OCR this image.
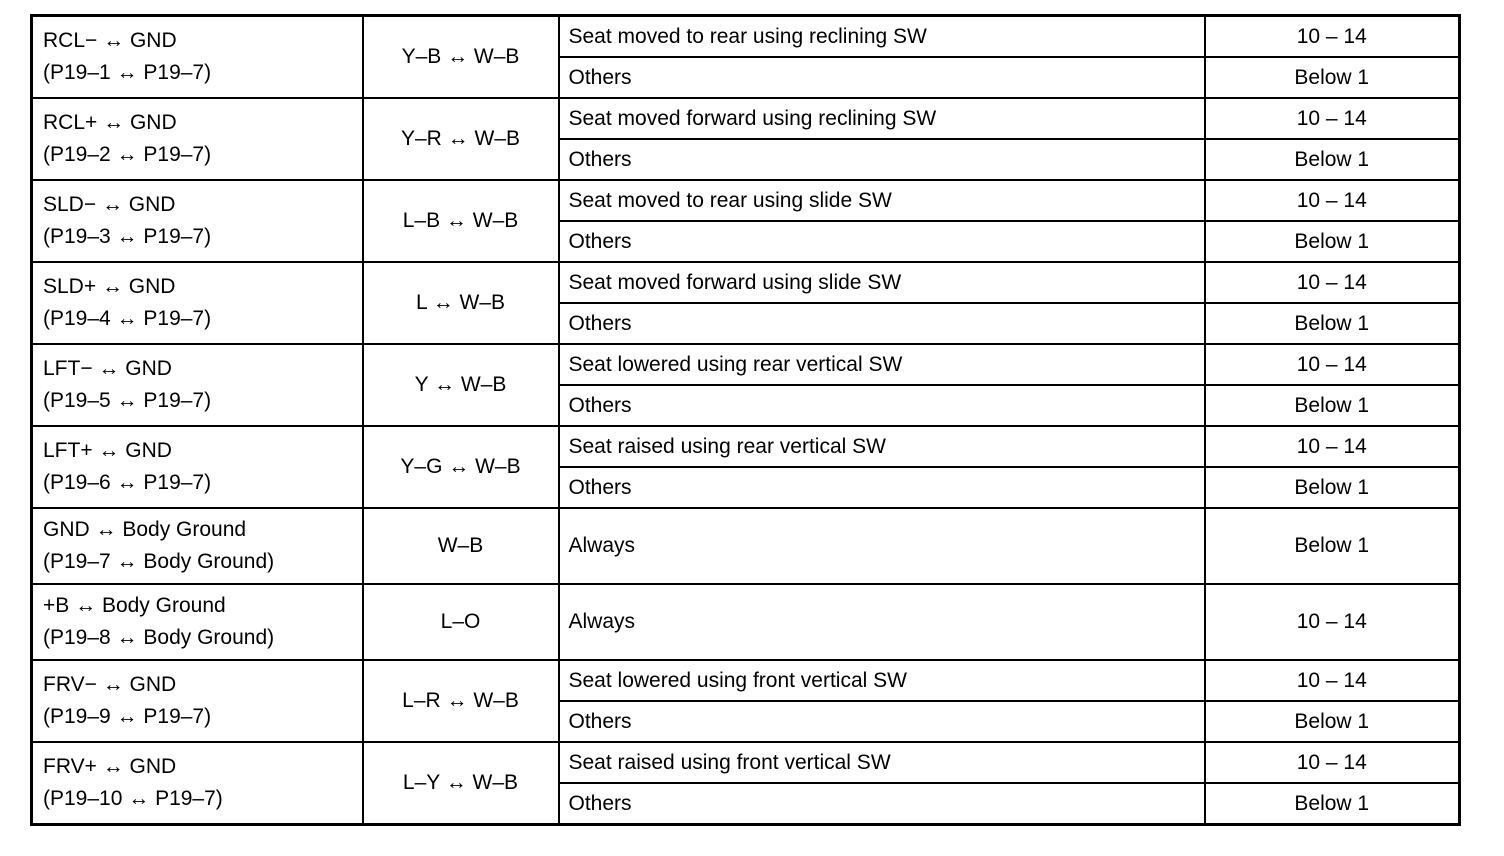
RCL− ↔ GND
(P19–1 ↔ P19–7)	Y–B ↔ W–B	Seat moved to rear using reclining SW	10 – 14
		Others	Below 1

RCL+ ↔ GND
(P19–2 ↔ P19–7)	Y–R ↔ W–B	Seat moved forward using reclining SW	10 – 14
		Others	Below 1

SLD− ↔ GND
(P19–3 ↔ P19–7)	L–B ↔ W–B	Seat moved to rear using slide SW	10 – 14
		Others	Below 1

SLD+ ↔ GND
(P19–4 ↔ P19–7)	L ↔ W–B	Seat moved forward using slide SW	10 – 14
		Others	Below 1

LFT− ↔ GND
(P19–5 ↔ P19–7)	Y ↔ W–B	Seat lowered using rear vertical SW	10 – 14
		Others	Below 1

LFT+ ↔ GND
(P19–6 ↔ P19–7)	Y–G ↔ W–B	Seat raised using rear vertical SW	10 – 14
		Others	Below 1

GND ↔ Body Ground
(P19–7 ↔ Body Ground)	W–B	Always	Below 1

+B ↔ Body Ground
(P19–8 ↔ Body Ground)	L–O	Always	10 – 14

FRV− ↔ GND
(P19–9 ↔ P19–7)	L–R ↔ W–B	Seat lowered using front vertical SW	10 – 14
		Others	Below 1

FRV+ ↔ GND
(P19–10 ↔ P19–7)	L–Y ↔ W–B	Seat raised using front vertical SW	10 – 14
		Others	Below 1
